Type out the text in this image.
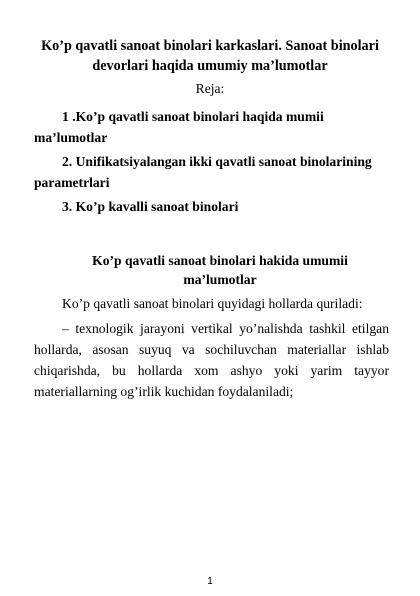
Ko’p qavatli sanoat binolari karkaslari. Sanoat binolari devorlari haqida umumiy ma’lumotlar
Reja:
1 .Ko’p qavatli sanoat binolari haqida mumii ma’lumotlar
2. Unifikatsiyalangan ikki qavatli sanoat binolarining parametrlari
3. Ko’p kavalli sanoat binolari
Ko’p qavatli sanoat binolari hakida umumii ma’lumotlar
Ko’p qavatli sanoat binolari quyidagi hollarda quriladi:
– texnologik jarayoni vertikal yo’nalishda tashkil etilgan hollarda, asosan suyuq va sochiluvchan materiallar ishlab chiqarishda, bu hollarda xom ashyo yoki yarim tayyor materiallarning og’irlik kuchidan foydalaniladi;
1
